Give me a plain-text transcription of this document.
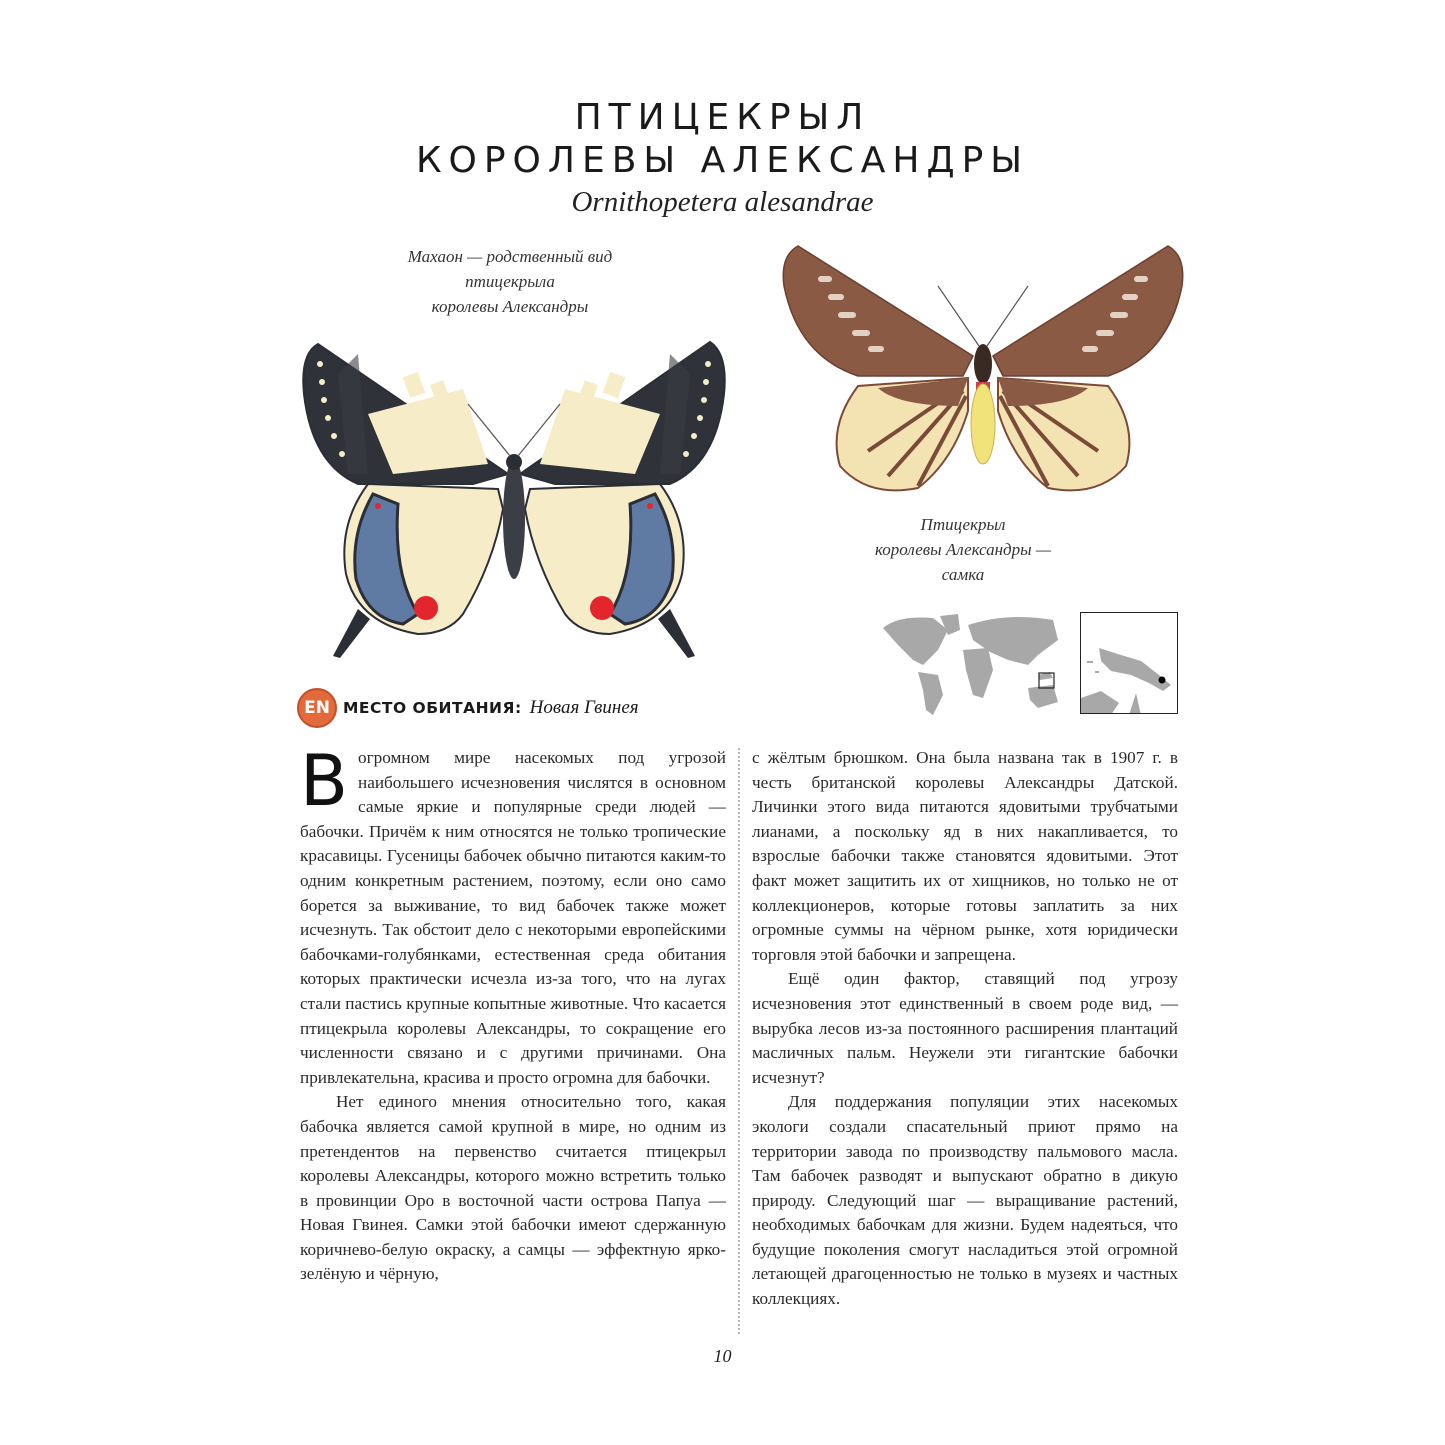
ПТИЦЕКРЫЛ
КОРОЛЕВЫ АЛЕКСАНДРЫ
Ornithopetera alesandrae
Махаон — родственный вид
птицекрыла
королевы Александры
Птицекрыл
королевы Александры —
самка
EN МЕСТО ОБИТАНИЯ: Новая Гвинея

В огромном мире насекомых под угрозой наибольшего исчезновения числятся в основном самые яркие и популярные среди людей — бабочки. Причём к ним относятся не только тропические красавицы. Гусеницы бабочек обычно питаются каким-то одним конкретным растением, поэтому, если оно само борется за выживание, то вид бабочек также может исчезнуть. Так обстоит дело с некоторыми европейскими бабочками-голубянками, естественная среда обитания которых практически исчезла из-за того, что на лугах стали пастись крупные копытные животные. Что касается птицекрыла королевы Александры, то сокращение его численности связано и с другими причинами. Она привлекательна, красива и просто огромна для бабочки.

Нет единого мнения относительно того, какая бабочка является самой крупной в мире, но одним из претендентов на первенство считается птицекрыл королевы Александры, которого можно встретить только в провинции Оро в восточной части острова Папуа — Новая Гвинея. Самки этой бабочки имеют сдержанную коричнево-белую окраску, а самцы — эффектную ярко-зелёную и чёрную,

с жёлтым брюшком. Она была названа так в 1907 г. в честь британской королевы Александры Датской. Личинки этого вида питаются ядовитыми трубчатыми лианами, а поскольку яд в них накапливается, то взрослые бабочки также становятся ядовитыми. Этот факт может защитить их от хищников, но только не от коллекционеров, которые готовы заплатить за них огромные суммы на чёрном рынке, хотя юридически торговля этой бабочки и запрещена.

Ещё один фактор, ставящий под угрозу исчезновения этот единственный в своем роде вид, — вырубка лесов из-за постоянного расширения плантаций масличных пальм. Неужели эти гигантские бабочки исчезнут?

Для поддержания популяции этих насекомых экологи создали спасательный приют прямо на территории завода по производству пальмового масла. Там бабочек разводят и выпускают обратно в дикую природу. Следующий шаг — выращивание растений, необходимых бабочкам для жизни. Будем надеяться, что будущие поколения смогут насладиться этой огромной летающей драгоценностью не только в музеях и частных коллекциях.

10
